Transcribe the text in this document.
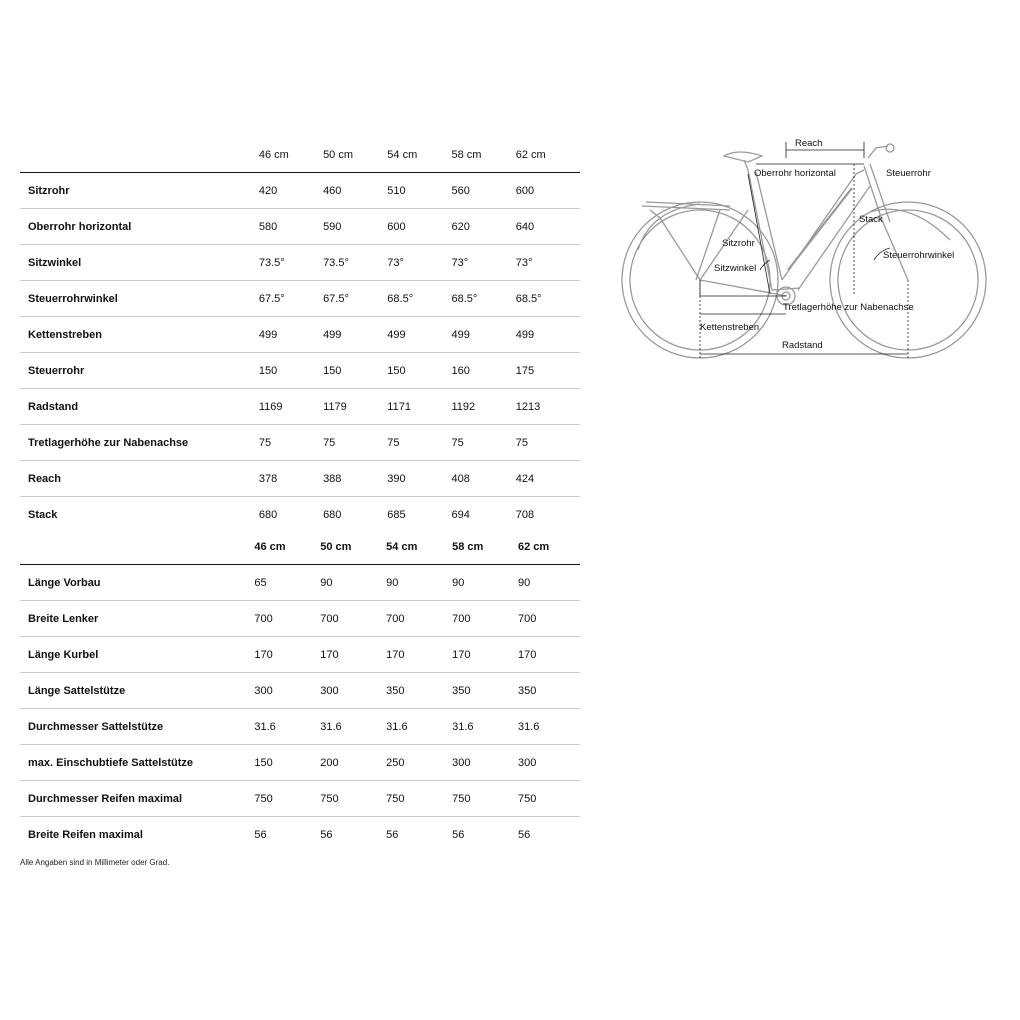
	46 cm	50 cm	54 cm	58 cm	62 cm
Sitzrohr	420	460	510	560	600
Oberrohr horizontal	580	590	600	620	640
Sitzwinkel	73.5°	73.5°	73°	73°	73°
Steuerrohrwinkel	67.5°	67.5°	68.5°	68.5°	68.5°
Kettenstreben	499	499	499	499	499
Steuerrohr	150	150	150	160	175
Radstand	1169	1179	1171	1192	1213
Tretlagerhöhe zur Nabenachse	75	75	75	75	75
Reach	378	388	390	408	424
Stack	680	680	685	694	708
	46 cm	50 cm	54 cm	58 cm	62 cm
Länge Vorbau	65	90	90	90	90
Breite Lenker	700	700	700	700	700
Länge Kurbel	170	170	170	170	170
Länge Sattelstütze	300	300	350	350	350
Durchmesser Sattelstütze	31.6	31.6	31.6	31.6	31.6
max. Einschubtiefe Sattelstütze	150	200	250	300	300
Durchmesser Reifen maximal	750	750	750	750	750
Breite Reifen maximal	56	56	56	56	56
Alle Angaben sind in Millimeter oder Grad.
Reach
Oberrohr horizontal	Steuerrohr
Stack
Sitzrohr
Sitzwinkel
Steuerrohrwinkel
Tretlagerhöhe zur Nabenachse
Kettenstreben
Radstand
